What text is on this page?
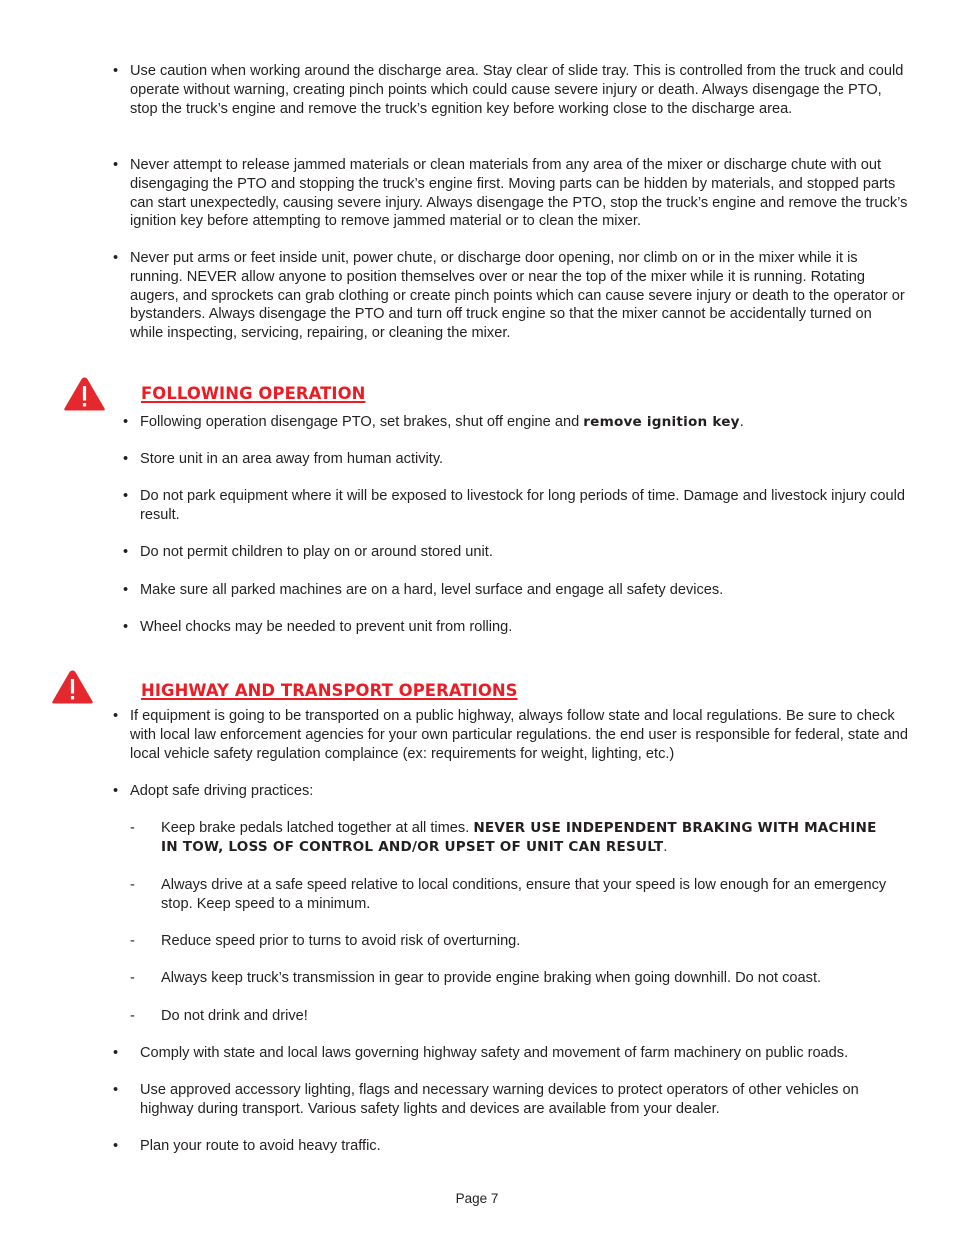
• Use caution when working around the discharge area. Stay clear of slide tray. This is controlled from the truck and could operate without warning, creating pinch points which could cause severe injury or death. Always disengage the PTO, stop the truck’s engine and remove the truck’s egnition key before working close to the discharge area.
• Never attempt to release jammed materials or clean materials from any area of the mixer or discharge chute with out disengaging the PTO and stopping the truck’s engine first. Moving parts can be hidden by materials, and stopped parts can start unexpectedly, causing severe injury. Always disengage the PTO, stop the truck’s engine and remove the truck’s ignition key before attempting to remove jammed material or to clean the mixer.
• Never put arms or feet inside unit, power chute, or discharge door opening, nor climb on or in the mixer while it is running. NEVER allow anyone to position themselves over or near the top of the mixer while it is running. Rotating augers, and sprockets can grab clothing or create pinch points which can cause severe injury or death to the operator or bystanders. Always disengage the PTO and turn off truck engine so that the mixer cannot be accidentally turned on while inspecting, servicing, repairing, or cleaning the mixer.
FOLLOWING OPERATION
• Following operation disengage PTO, set brakes, shut off engine and remove ignition key.
• Store unit in an area away from human activity.
• Do not park equipment where it will be exposed to livestock for long periods of time. Damage and livestock injury could result.
• Do not permit children to play on or around stored unit.
• Make sure all parked machines are on a hard, level surface and engage all safety devices.
• Wheel chocks may be needed to prevent unit from rolling.
HIGHWAY AND TRANSPORT OPERATIONS
• If equipment is going to be transported on a public highway, always follow state and local regulations. Be sure to check with local law enforcement agencies for your own particular regulations. the end user is responsible for federal, state and local vehicle safety regulation complaince (ex: requirements for weight, lighting, etc.)
• Adopt safe driving practices:
- Keep brake pedals latched together at all times. NEVER USE INDEPENDENT BRAKING WITH MACHINE IN TOW, LOSS OF CONTROL AND/OR UPSET OF UNIT CAN RESULT.
- Always drive at a safe speed relative to local conditions, ensure that your speed is low enough for an emergency stop. Keep speed to a minimum.
- Reduce speed prior to turns to avoid risk of overturning.
- Always keep truck’s transmission in gear to provide engine braking when going downhill. Do not coast.
- Do not drink and drive!
• Comply with state and local laws governing highway safety and movement of farm machinery on public roads.
• Use approved accessory lighting, flags and necessary warning devices to protect operators of other vehicles on highway during transport. Various safety lights and devices are available from your dealer.
• Plan your route to avoid heavy traffic.
Page 7
